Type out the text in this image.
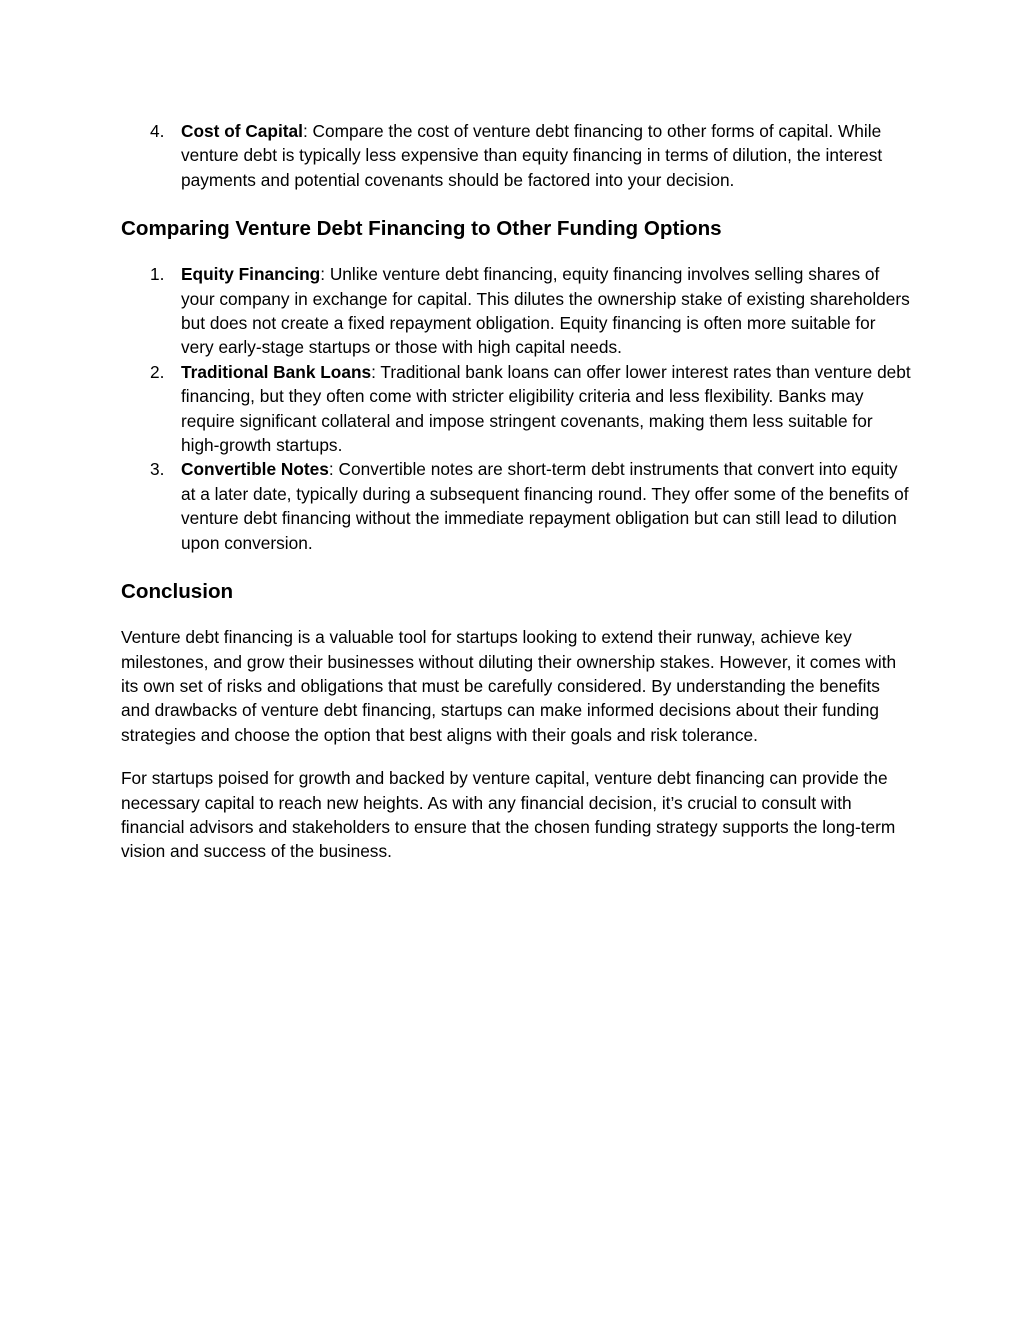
4. Cost of Capital: Compare the cost of venture debt financing to other forms of capital. While venture debt is typically less expensive than equity financing in terms of dilution, the interest payments and potential covenants should be factored into your decision.
Comparing Venture Debt Financing to Other Funding Options
1. Equity Financing: Unlike venture debt financing, equity financing involves selling shares of your company in exchange for capital. This dilutes the ownership stake of existing shareholders but does not create a fixed repayment obligation. Equity financing is often more suitable for very early-stage startups or those with high capital needs.
2. Traditional Bank Loans: Traditional bank loans can offer lower interest rates than venture debt financing, but they often come with stricter eligibility criteria and less flexibility. Banks may require significant collateral and impose stringent covenants, making them less suitable for high-growth startups.
3. Convertible Notes: Convertible notes are short-term debt instruments that convert into equity at a later date, typically during a subsequent financing round. They offer some of the benefits of venture debt financing without the immediate repayment obligation but can still lead to dilution upon conversion.
Conclusion

Venture debt financing is a valuable tool for startups looking to extend their runway, achieve key milestones, and grow their businesses without diluting their ownership stakes. However, it comes with its own set of risks and obligations that must be carefully considered. By understanding the benefits and drawbacks of venture debt financing, startups can make informed decisions about their funding strategies and choose the option that best aligns with their goals and risk tolerance.

For startups poised for growth and backed by venture capital, venture debt financing can provide the necessary capital to reach new heights. As with any financial decision, it’s crucial to consult with financial advisors and stakeholders to ensure that the chosen funding strategy supports the long-term vision and success of the business.
